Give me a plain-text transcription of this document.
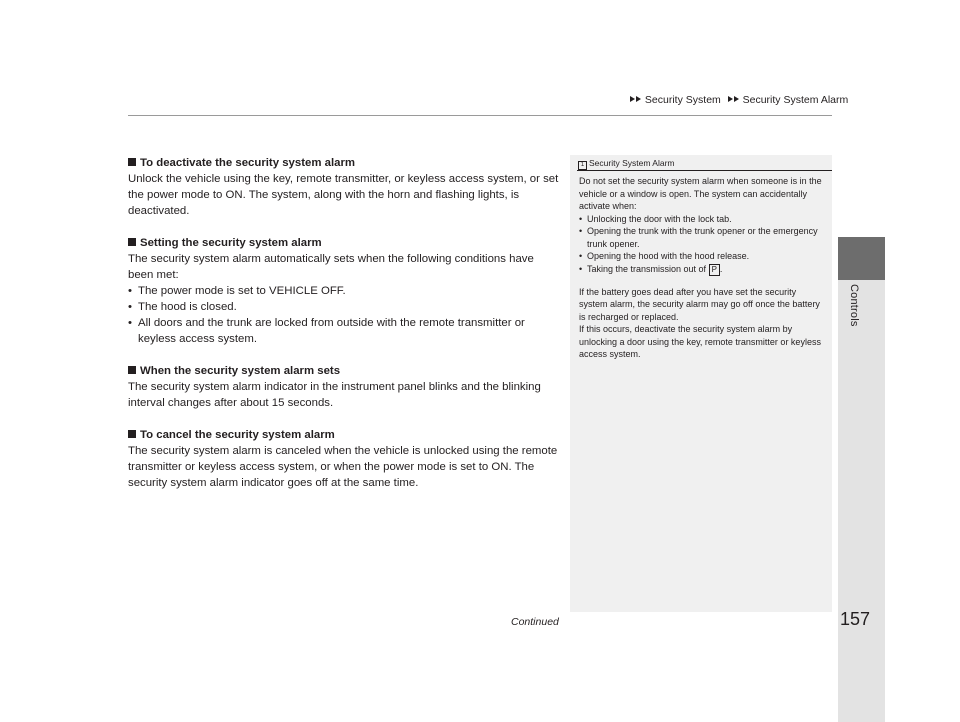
Security System Security System Alarm
Controls
To deactivate the security system alarm

Unlock the vehicle using the key, remote transmitter, or keyless access system, or set the power mode to ON. The system, along with the horn and flashing lights, is deactivated.

Setting the security system alarm

The security system alarm automatically sets when the following conditions have been met:

• The power mode is set to VEHICLE OFF.
• The hood is closed.
• All doors and the trunk are locked from outside with the remote transmitter or keyless access system.
When the security system alarm sets

The security system alarm indicator in the instrument panel blinks and the blinking interval changes after about 15 seconds.

To cancel the security system alarm

The security system alarm is canceled when the vehicle is unlocked using the remote transmitter or keyless access system, or when the power mode is set to ON. The security system alarm indicator goes off at the same time.

1 Security System Alarm

Do not set the security system alarm when someone is in the vehicle or a window is open. The system can accidentally activate when:

• Unlocking the door with the lock tab.
• Opening the trunk with the trunk opener or the emergency trunk opener.
• Opening the hood with the hood release.
• Taking the transmission out of P .

If the battery goes dead after you have set the security system alarm, the security alarm may go off once the battery is recharged or replaced.

If this occurs, deactivate the security system alarm by unlocking a door using the key, remote transmitter or keyless access system.

Continued	157
